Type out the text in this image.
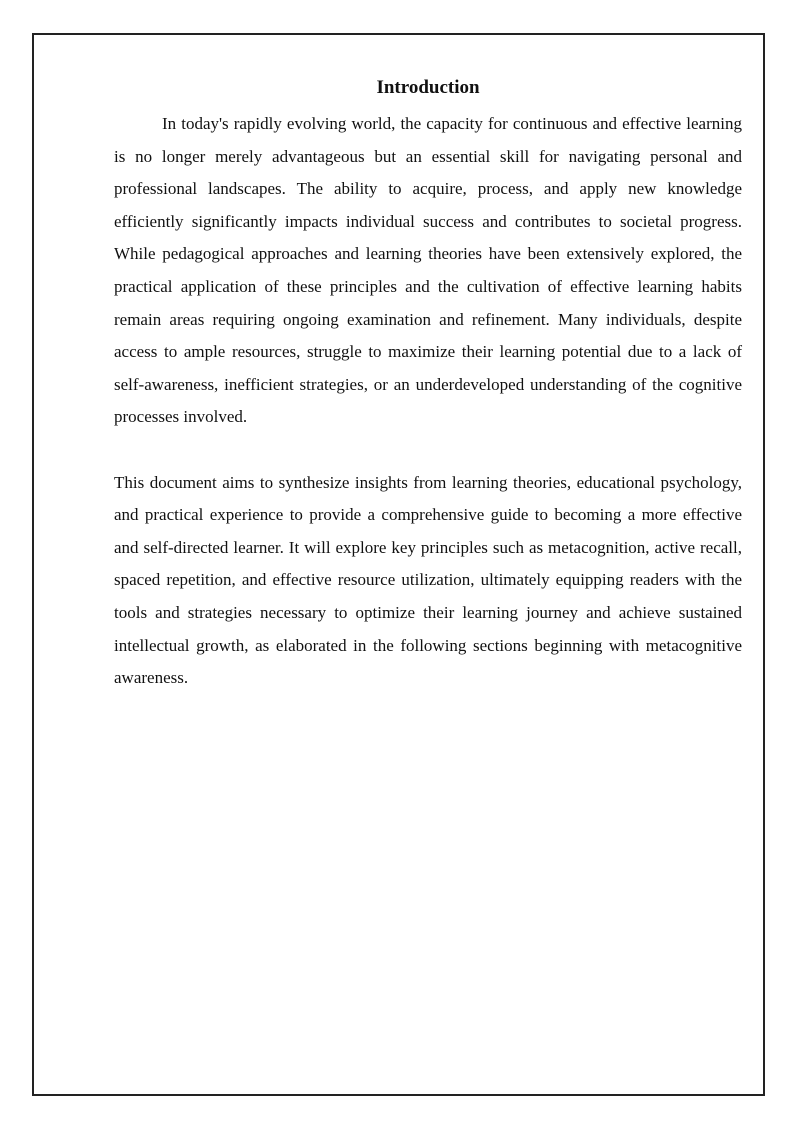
Introduction

In today's rapidly evolving world, the capacity for continuous and effective learning is no longer merely advantageous but an essential skill for navigating personal and professional landscapes. The ability to acquire, process, and apply new knowledge efficiently significantly impacts individual success and contributes to societal progress. While pedagogical approaches and learning theories have been extensively explored, the practical application of these principles and the cultivation of effective learning habits remain areas requiring ongoing examination and refinement. Many individuals, despite access to ample resources, struggle to maximize their learning potential due to a lack of self-awareness, inefficient strategies, or an underdeveloped understanding of the cognitive processes involved.

This document aims to synthesize insights from learning theories, educational psychology, and practical experience to provide a comprehensive guide to becoming a more effective and self-directed learner. It will explore key principles such as metacognition, active recall, spaced repetition, and effective resource utilization, ultimately equipping readers with the tools and strategies necessary to optimize their learning journey and achieve sustained intellectual growth, as elaborated in the following sections beginning with metacognitive awareness.
